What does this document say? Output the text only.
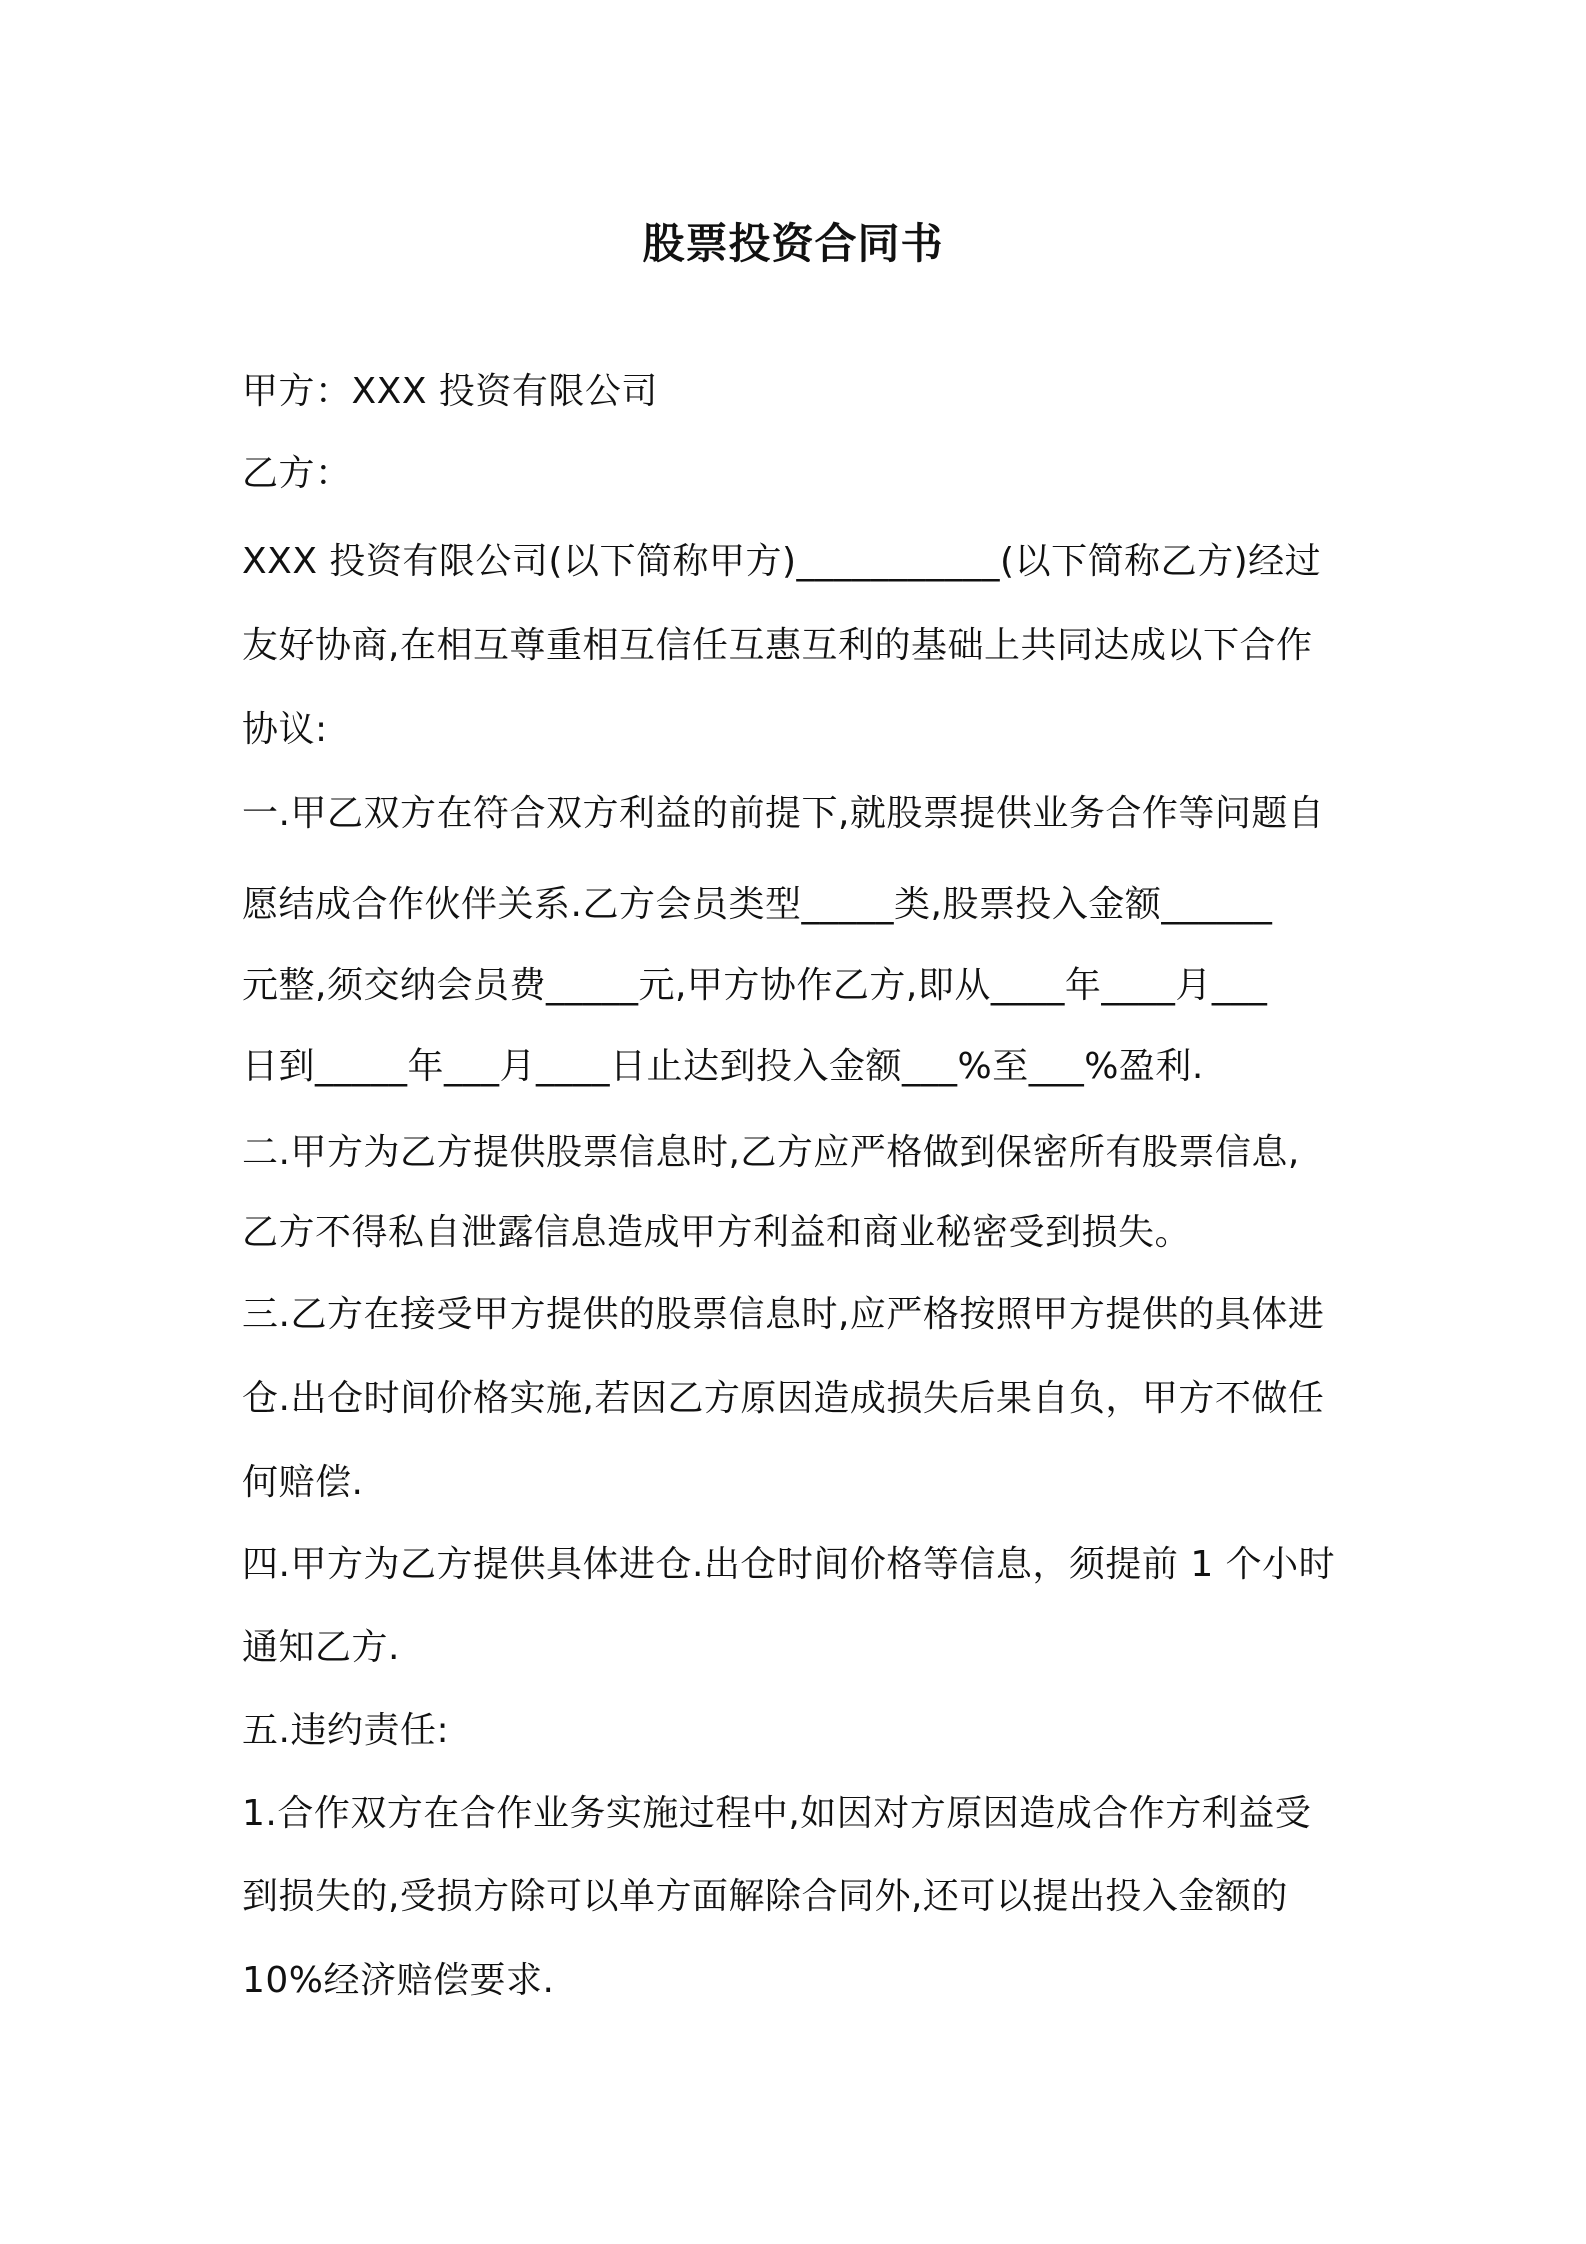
股票投资合同书
甲方：XXX 投资有限公司
乙方：
XXX 投资有限公司(以下简称甲方)___________(以下简称乙方)经过
友好协商,在相互尊重相互信任互惠互利的基础上共同达成以下合作
协议:
一.甲乙双方在符合双方利益的前提下,就股票提供业务合作等问题自
愿结成合作伙伴关系.乙方会员类型_____类,股票投入金额______
元整,须交纳会员费_____元,甲方协作乙方,即从____年____月___
日到_____年___月____日止达到投入金额___%至___%盈利.
二.甲方为乙方提供股票信息时,乙方应严格做到保密所有股票信息,
乙方不得私自泄露信息造成甲方利益和商业秘密受到损失。
三.乙方在接受甲方提供的股票信息时,应严格按照甲方提供的具体进
仓.出仓时间价格实施,若因乙方原因造成损失后果自负，甲方不做任
何赔偿.
四.甲方为乙方提供具体进仓.出仓时间价格等信息，须提前 1 个小时
通知乙方.
五.违约责任:
1.合作双方在合作业务实施过程中,如因对方原因造成合作方利益受
到损失的,受损方除可以单方面解除合同外,还可以提出投入金额的
10%经济赔偿要求.
